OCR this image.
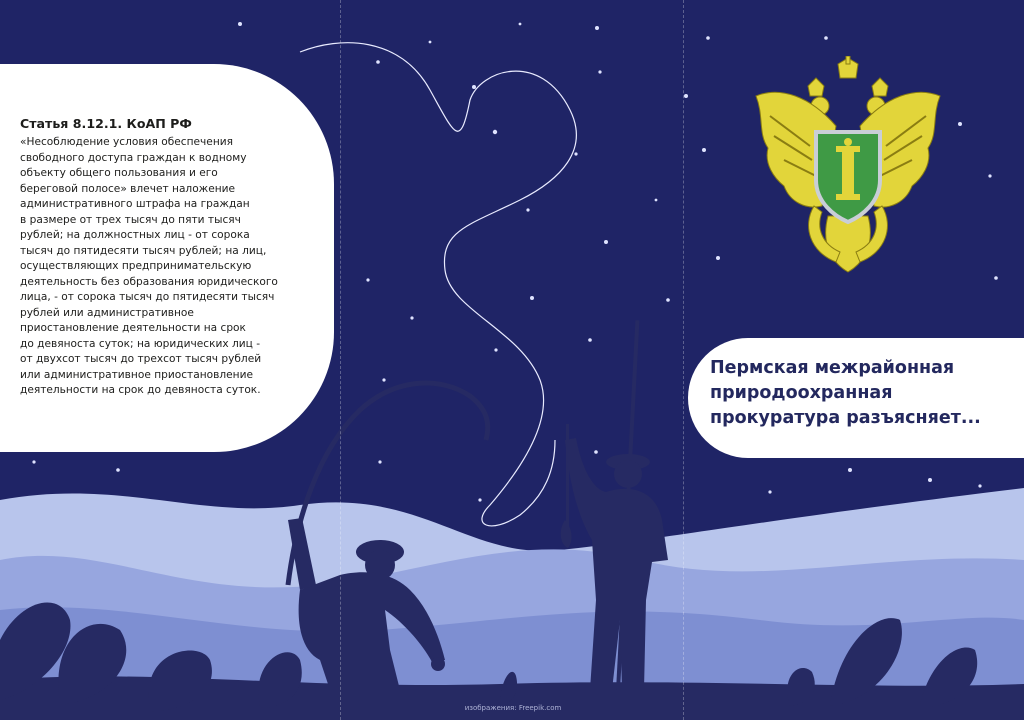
Статья 8.12.1. КоАП РФ

«Несоблюдение условия обеспечения
свободного доступа граждан к водному
объекту общего пользования и его
береговой полосе» влечет наложение
административного штрафа на граждан
в размере от трех тысяч до пяти тысяч
рублей; на должностных лиц - от сорока
тысяч до пятидесяти тысяч рублей; на лиц,
осуществляющих предпринимательскую
деятельность без образования юридического
лица, - от сорока тысяч до пятидесяти тысяч
рублей или административное
приостановление деятельности на срок
до девяноста суток; на юридических лиц -
от двухсот тысяч до трехсот тысяч рублей
или административное приостановление
деятельности на срок до девяноста суток.

Пермская межрайонная
природоохранная
прокуратура разъясняет...
изображения: Freepik.com
